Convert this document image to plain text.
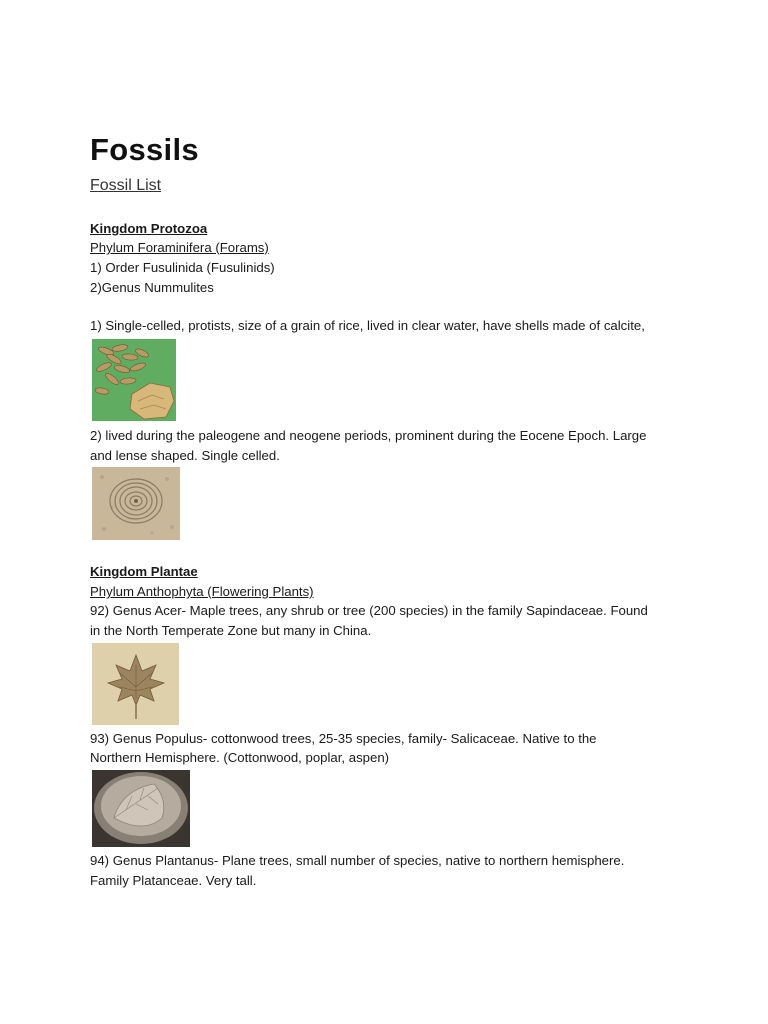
Fossils
Fossil List
Kingdom Protozoa
Phylum Foraminifera (Forams)
1) Order Fusulinida (Fusulinids)
2)Genus Nummulites
1) Single-celled, protists, size of a grain of rice, lived in clear water, have shells made of calcite,
2) lived during the paleogene and neogene periods, prominent during the Eocene Epoch. Large
and lense shaped. Single celled.
Kingdom Plantae
Phylum Anthophyta (Flowering Plants)
92) Genus Acer- Maple trees, any shrub or tree (200 species) in the family Sapindaceae. Found
in the North Temperate Zone but many in China.
93) Genus Populus- cottonwood trees, 25-35 species, family- Salicaceae. Native to the
Northern Hemisphere. (Cottonwood, poplar, aspen)
94) Genus Plantanus- Plane trees, small number of species, native to northern hemisphere.
Family Platanceae. Very tall.
